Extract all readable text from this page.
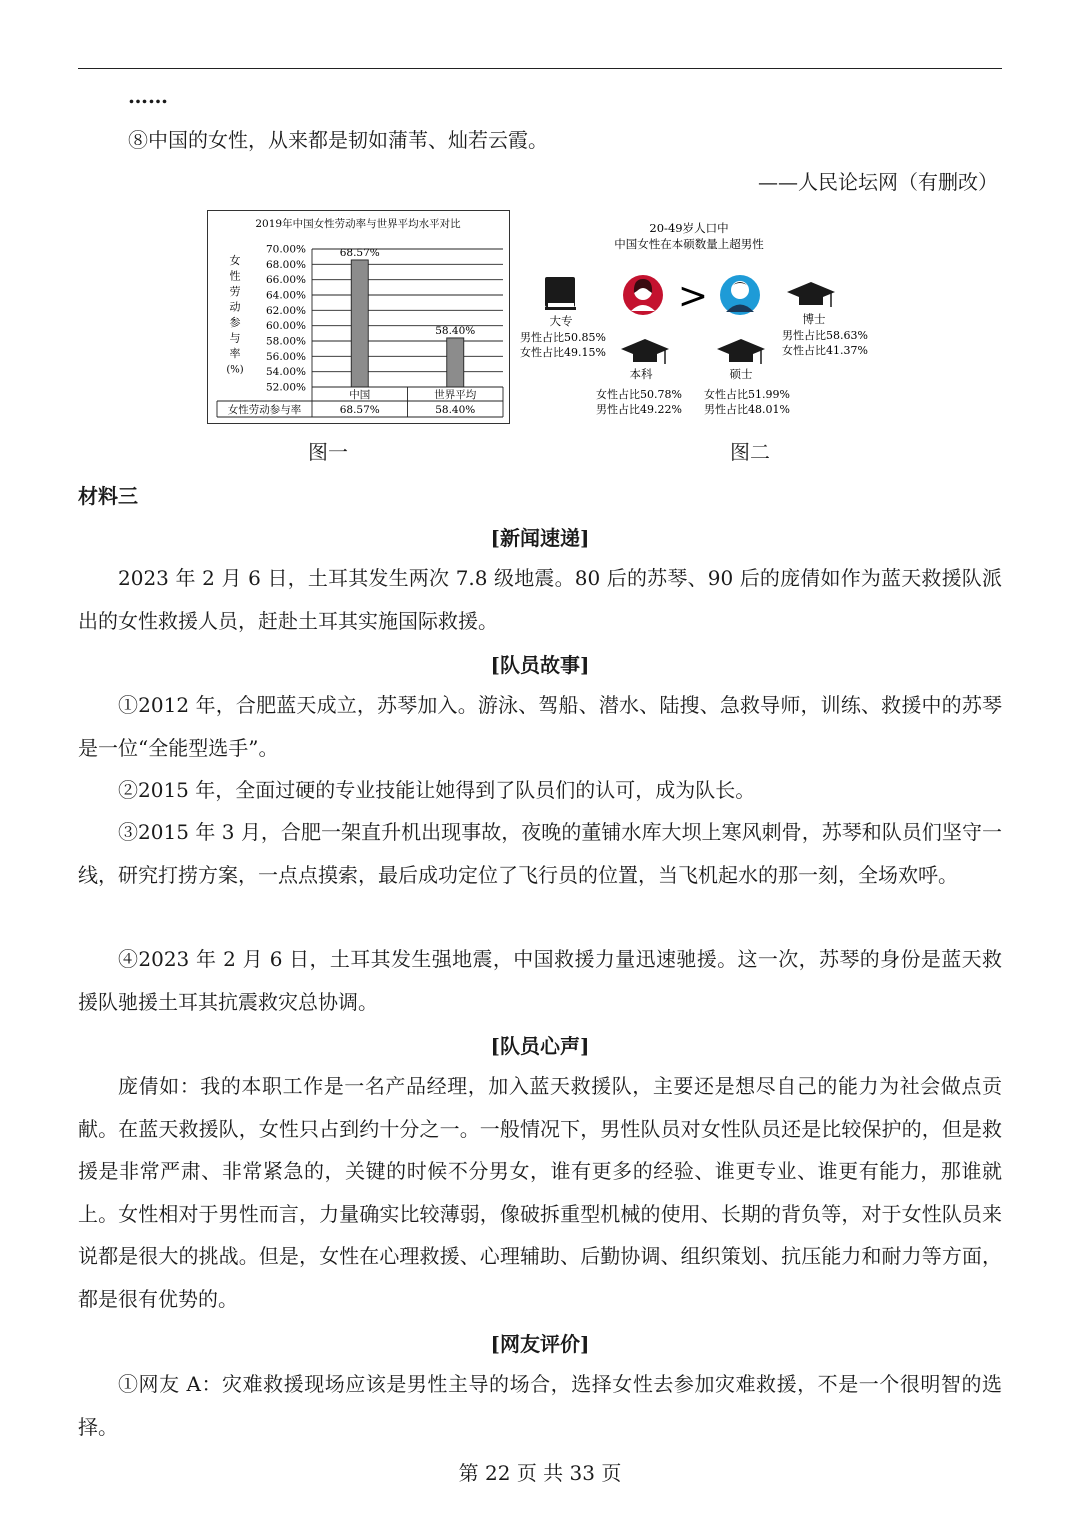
……
⑧中国的女性，从来都是韧如蒲苇、灿若云霞。
——人民论坛网（有删改）
2019年中国女性劳动率与世界平均水平对比
女
性
劳
动
参
与
率
(%)
70.00%
68.00%
66.00%
64.00%
62.00%
60.00%
58.00%
56.00%
54.00%
52.00%
68.57%
58.40%
中国
68.57%
世界平均
58.40%
女性劳动参与率
图一
20-49岁人口中
中国女性在本硕数量上超男性
大专
男性占比50.85%
女性占比49.15%
>
博士
男性占比58.63%
女性占比41.37%
本科
女性占比50.78%
男性占比49.22%
硕士
女性占比51.99%
男性占比48.01%
图二
材料三
[新闻速递]
2023 年 2 月 6 日，土耳其发生两次 7.8 级地震。80 后的苏琴、90 后的庞倩如作为蓝天救援队派出的女性救援人员，赶赴土耳其实施国际救援。
[队员故事]
①2012 年，合肥蓝天成立，苏琴加入。游泳、驾船、潜水、陆搜、急救导师，训练、救援中的苏琴是一位“全能型选手”。
②2015 年，全面过硬的专业技能让她得到了队员们的认可，成为队长。
③2015 年 3 月，合肥一架直升机出现事故，夜晚的董铺水库大坝上寒风刺骨，苏琴和队员们坚守一线，研究打捞方案，一点点摸索，最后成功定位了飞行员的位置，当飞机起水的那一刻，全场欢呼。
④2023 年 2 月 6 日，土耳其发生强地震，中国救援力量迅速驰援。这一次，苏琴的身份是蓝天救援队驰援土耳其抗震救灾总协调。
[队员心声]
庞倩如：我的本职工作是一名产品经理，加入蓝天救援队，主要还是想尽自己的能力为社会做点贡献。在蓝天救援队，女性只占到约十分之一。一般情况下，男性队员对女性队员还是比较保护的，但是救援是非常严肃、非常紧急的，关键的时候不分男女，谁有更多的经验、谁更专业、谁更有能力，那谁就上。女性相对于男性而言，力量确实比较薄弱，像破拆重型机械的使用、长期的背负等，对于女性队员来说都是很大的挑战。但是，女性在心理救援、心理辅助、后勤协调、组织策划、抗压能力和耐力等方面，都是很有优势的。
[网友评价]
①网友 A：灾难救援现场应该是男性主导的场合，选择女性去参加灾难救援，不是一个很明智的选择。
第 22 页 共 33 页
